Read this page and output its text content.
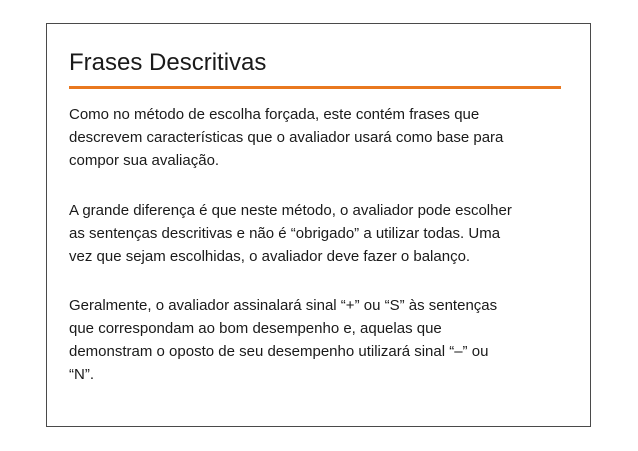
Frases Descritivas
Como no método de escolha forçada, este contém frases que
descrevem características que o avaliador usará como base para
compor sua avaliação.
A grande diferença é que neste método, o avaliador pode escolher
as sentenças descritivas e não é “obrigado” a utilizar todas. Uma
vez que sejam escolhidas, o avaliador deve fazer o balanço.
Geralmente, o avaliador assinalará sinal “+” ou “S” às sentenças
que correspondam ao bom desempenho e, aquelas que
demonstram o oposto de seu desempenho utilizará sinal “–” ou
“N”.
